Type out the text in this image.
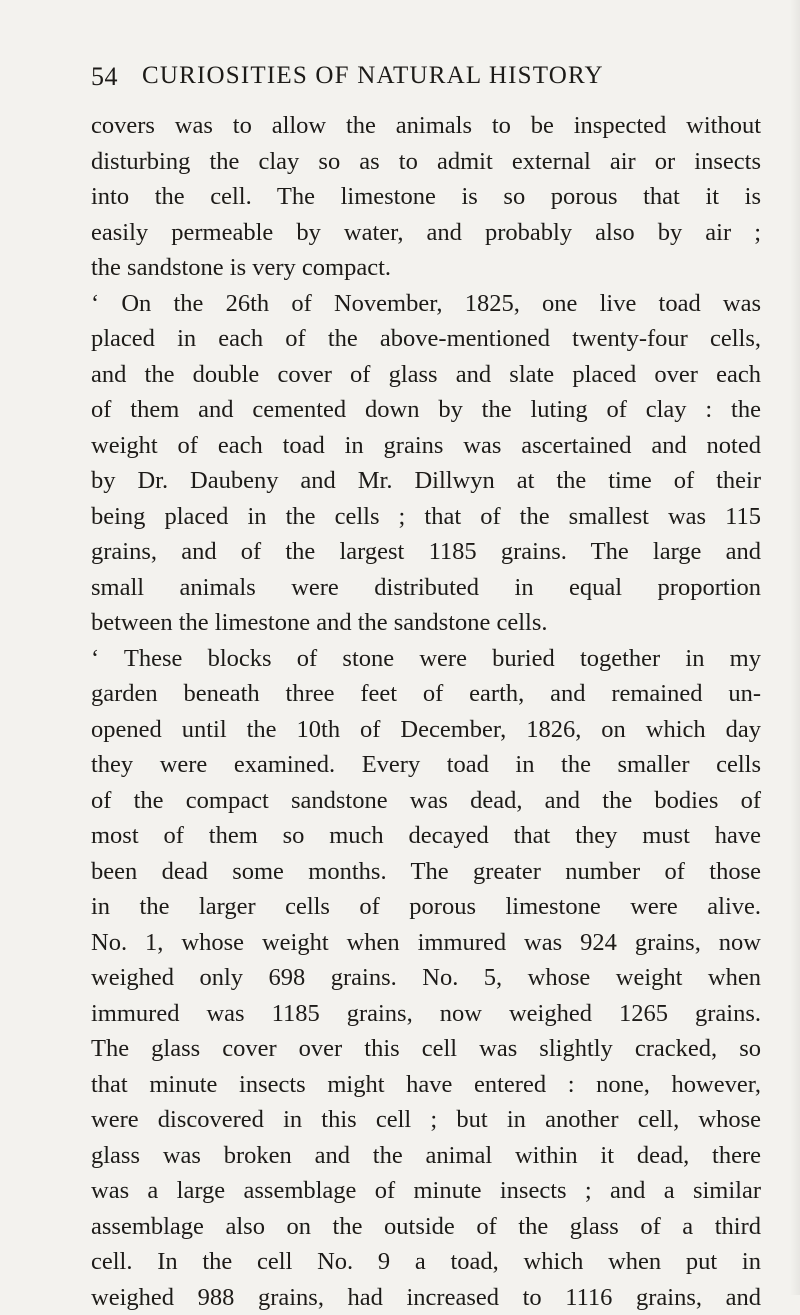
54 CURIOSITIES OF NATURAL HISTORY
covers was to allow the animals to be inspected without
disturbing the clay so as to admit external air or insects
into the cell. The limestone is so porous that it is
easily permeable by water, and probably also by air ;
the sandstone is very compact.
‘ On the 26th of November, 1825, one live toad was
placed in each of the above-mentioned twenty-four cells,
and the double cover of glass and slate placed over each
of them and cemented down by the luting of clay : the
weight of each toad in grains was ascertained and noted
by Dr. Daubeny and Mr. Dillwyn at the time of their
being placed in the cells ; that of the smallest was 115
grains, and of the largest 1185 grains. The large and
small animals were distributed in equal proportion
between the limestone and the sandstone cells.
‘ These blocks of stone were buried together in my
garden beneath three feet of earth, and remained un-
opened until the 10th of December, 1826, on which day
they were examined. Every toad in the smaller cells
of the compact sandstone was dead, and the bodies of
most of them so much decayed that they must have
been dead some months. The greater number of those
in the larger cells of porous limestone were alive.
No. 1, whose weight when immured was 924 grains, now
weighed only 698 grains. No. 5, whose weight when
immured was 1185 grains, now weighed 1265 grains.
The glass cover over this cell was slightly cracked, so
that minute insects might have entered : none, however,
were discovered in this cell ; but in another cell, whose
glass was broken and the animal within it dead, there
was a large assemblage of minute insects ; and a similar
assemblage also on the outside of the glass of a third
cell. In the cell No. 9 a toad, which when put in
weighed 988 grains, had increased to 1116 grains, and
